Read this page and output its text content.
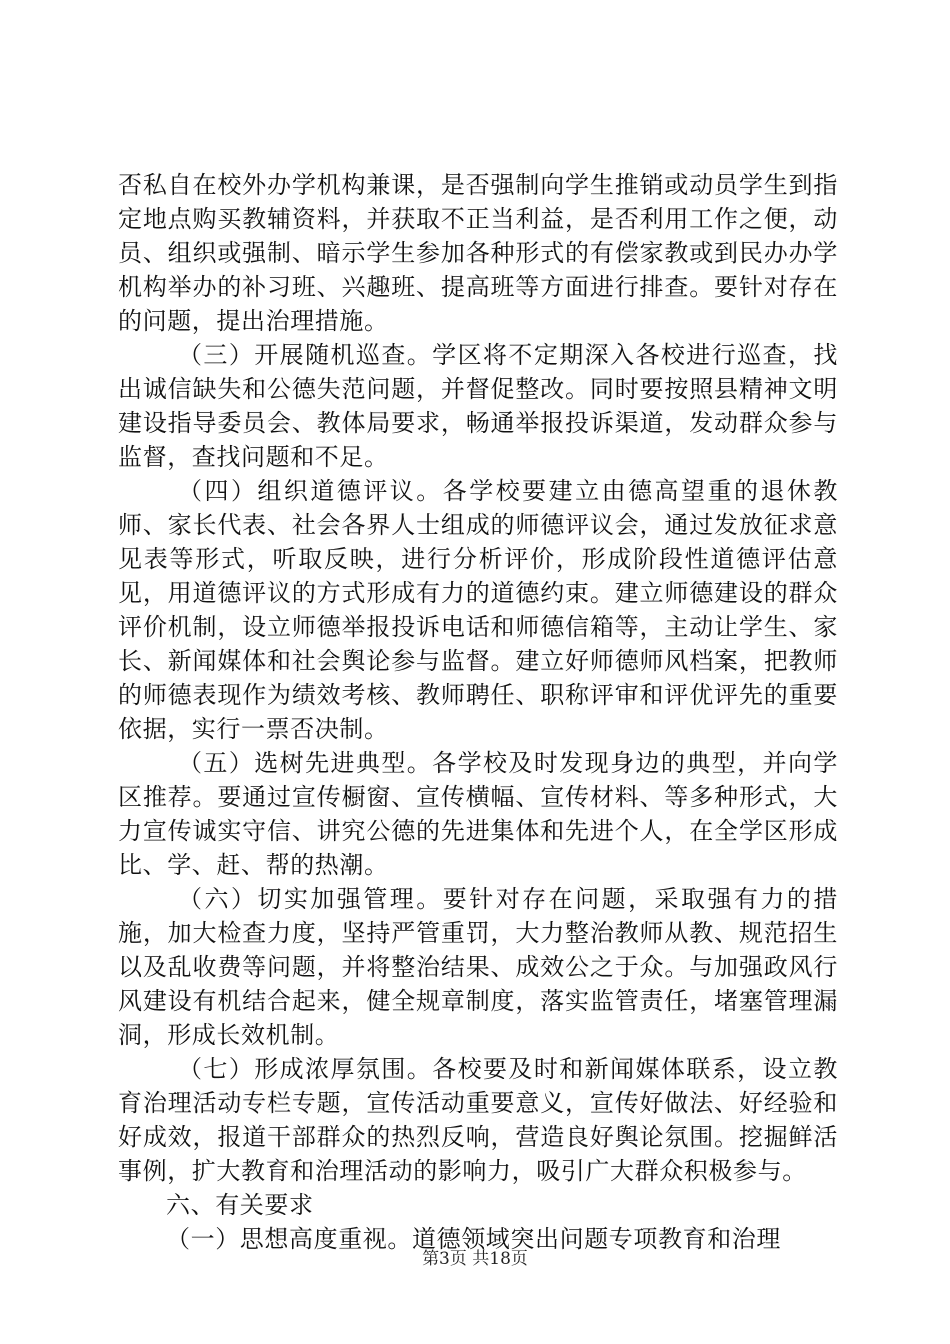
否私自在校外办学机构兼课，是否强制向学生推销或动员学生到指定地点购买教辅资料，并获取不正当利益，是否利用工作之便，动员、组织或强制、暗示学生参加各种形式的有偿家教或到民办办学机构举办的补习班、兴趣班、提高班等方面进行排查。要针对存在的问题，提出治理措施。

（三）开展随机巡查。学区将不定期深入各校进行巡查，找出诚信缺失和公德失范问题，并督促整改。同时要按照县精神文明建设指导委员会、教体局要求，畅通举报投诉渠道，发动群众参与监督，查找问题和不足。

（四）组织道德评议。各学校要建立由德高望重的退休教师、家长代表、社会各界人士组成的师德评议会，通过发放征求意见表等形式，听取反映，进行分析评价，形成阶段性道德评估意见，用道德评议的方式形成有力的道德约束。建立师德建设的群众评价机制，设立师德举报投诉电话和师德信箱等，主动让学生、家长、新闻媒体和社会舆论参与监督。建立好师德师风档案，把教师的师德表现作为绩效考核、教师聘任、职称评审和评优评先的重要依据，实行一票否决制。

（五）选树先进典型。各学校及时发现身边的典型，并向学区推荐。要通过宣传橱窗、宣传横幅、宣传材料、等多种形式，大力宣传诚实守信、讲究公德的先进集体和先进个人，在全学区形成比、学、赶、帮的热潮。

（六）切实加强管理。要针对存在问题，采取强有力的措施，加大检查力度，坚持严管重罚，大力整治教师从教、规范招生以及乱收费等问题，并将整治结果、成效公之于众。与加强政风行风建设有机结合起来，健全规章制度，落实监管责任，堵塞管理漏洞，形成长效机制。

（七）形成浓厚氛围。各校要及时和新闻媒体联系，设立教育治理活动专栏专题，宣传活动重要意义，宣传好做法、好经验和好成效，报道干部群众的热烈反响，营造良好舆论氛围。挖掘鲜活事例，扩大教育和治理活动的影响力，吸引广大群众积极参与。

六、有关要求

（一）思想高度重视。道德领域突出问题专项教育和治理

第3页 共18页
